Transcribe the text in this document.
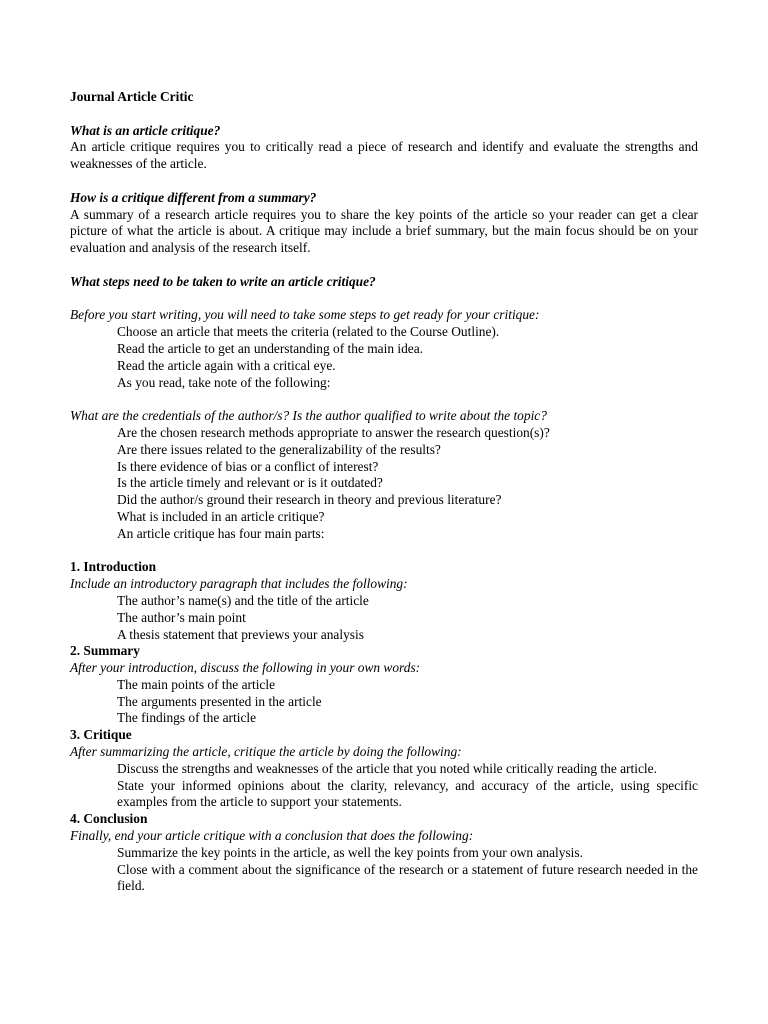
Journal Article Critic

What is an article critique?

An article critique requires you to critically read a piece of research and identify and evaluate the strengths and weaknesses of the article.

How is a critique different from a summary?

A summary of a research article requires you to share the key points of the article so your reader can get a clear picture of what the article is about. A critique may include a brief summary, but the main focus should be on your evaluation and analysis of the research itself.

What steps need to be taken to write an article critique?

Before you start writing, you will need to take some steps to get ready for your critique:

Choose an article that meets the criteria (related to the Course Outline).

Read the article to get an understanding of the main idea.

Read the article again with a critical eye.

As you read, take note of the following:

What are the credentials of the author/s? Is the author qualified to write about the topic?

Are the chosen research methods appropriate to answer the research question(s)?

Are there issues related to the generalizability of the results?

Is there evidence of bias or a conflict of interest?

Is the article timely and relevant or is it outdated?

Did the author/s ground their research in theory and previous literature?

What is included in an article critique?

An article critique has four main parts:

1. Introduction

Include an introductory paragraph that includes the following:

The author’s name(s) and the title of the article

The author’s main point

A thesis statement that previews your analysis

2. Summary

After your introduction, discuss the following in your own words:

The main points of the article

The arguments presented in the article

The findings of the article

3. Critique

After summarizing the article, critique the article by doing the following:

Discuss the strengths and weaknesses of the article that you noted while critically reading the article.

State your informed opinions about the clarity, relevancy, and accuracy of the article, using specific examples from the article to support your statements.

4. Conclusion

Finally, end your article critique with a conclusion that does the following:

Summarize the key points in the article, as well the key points from your own analysis.

Close with a comment about the significance of the research or a statement of future research needed in the field.
